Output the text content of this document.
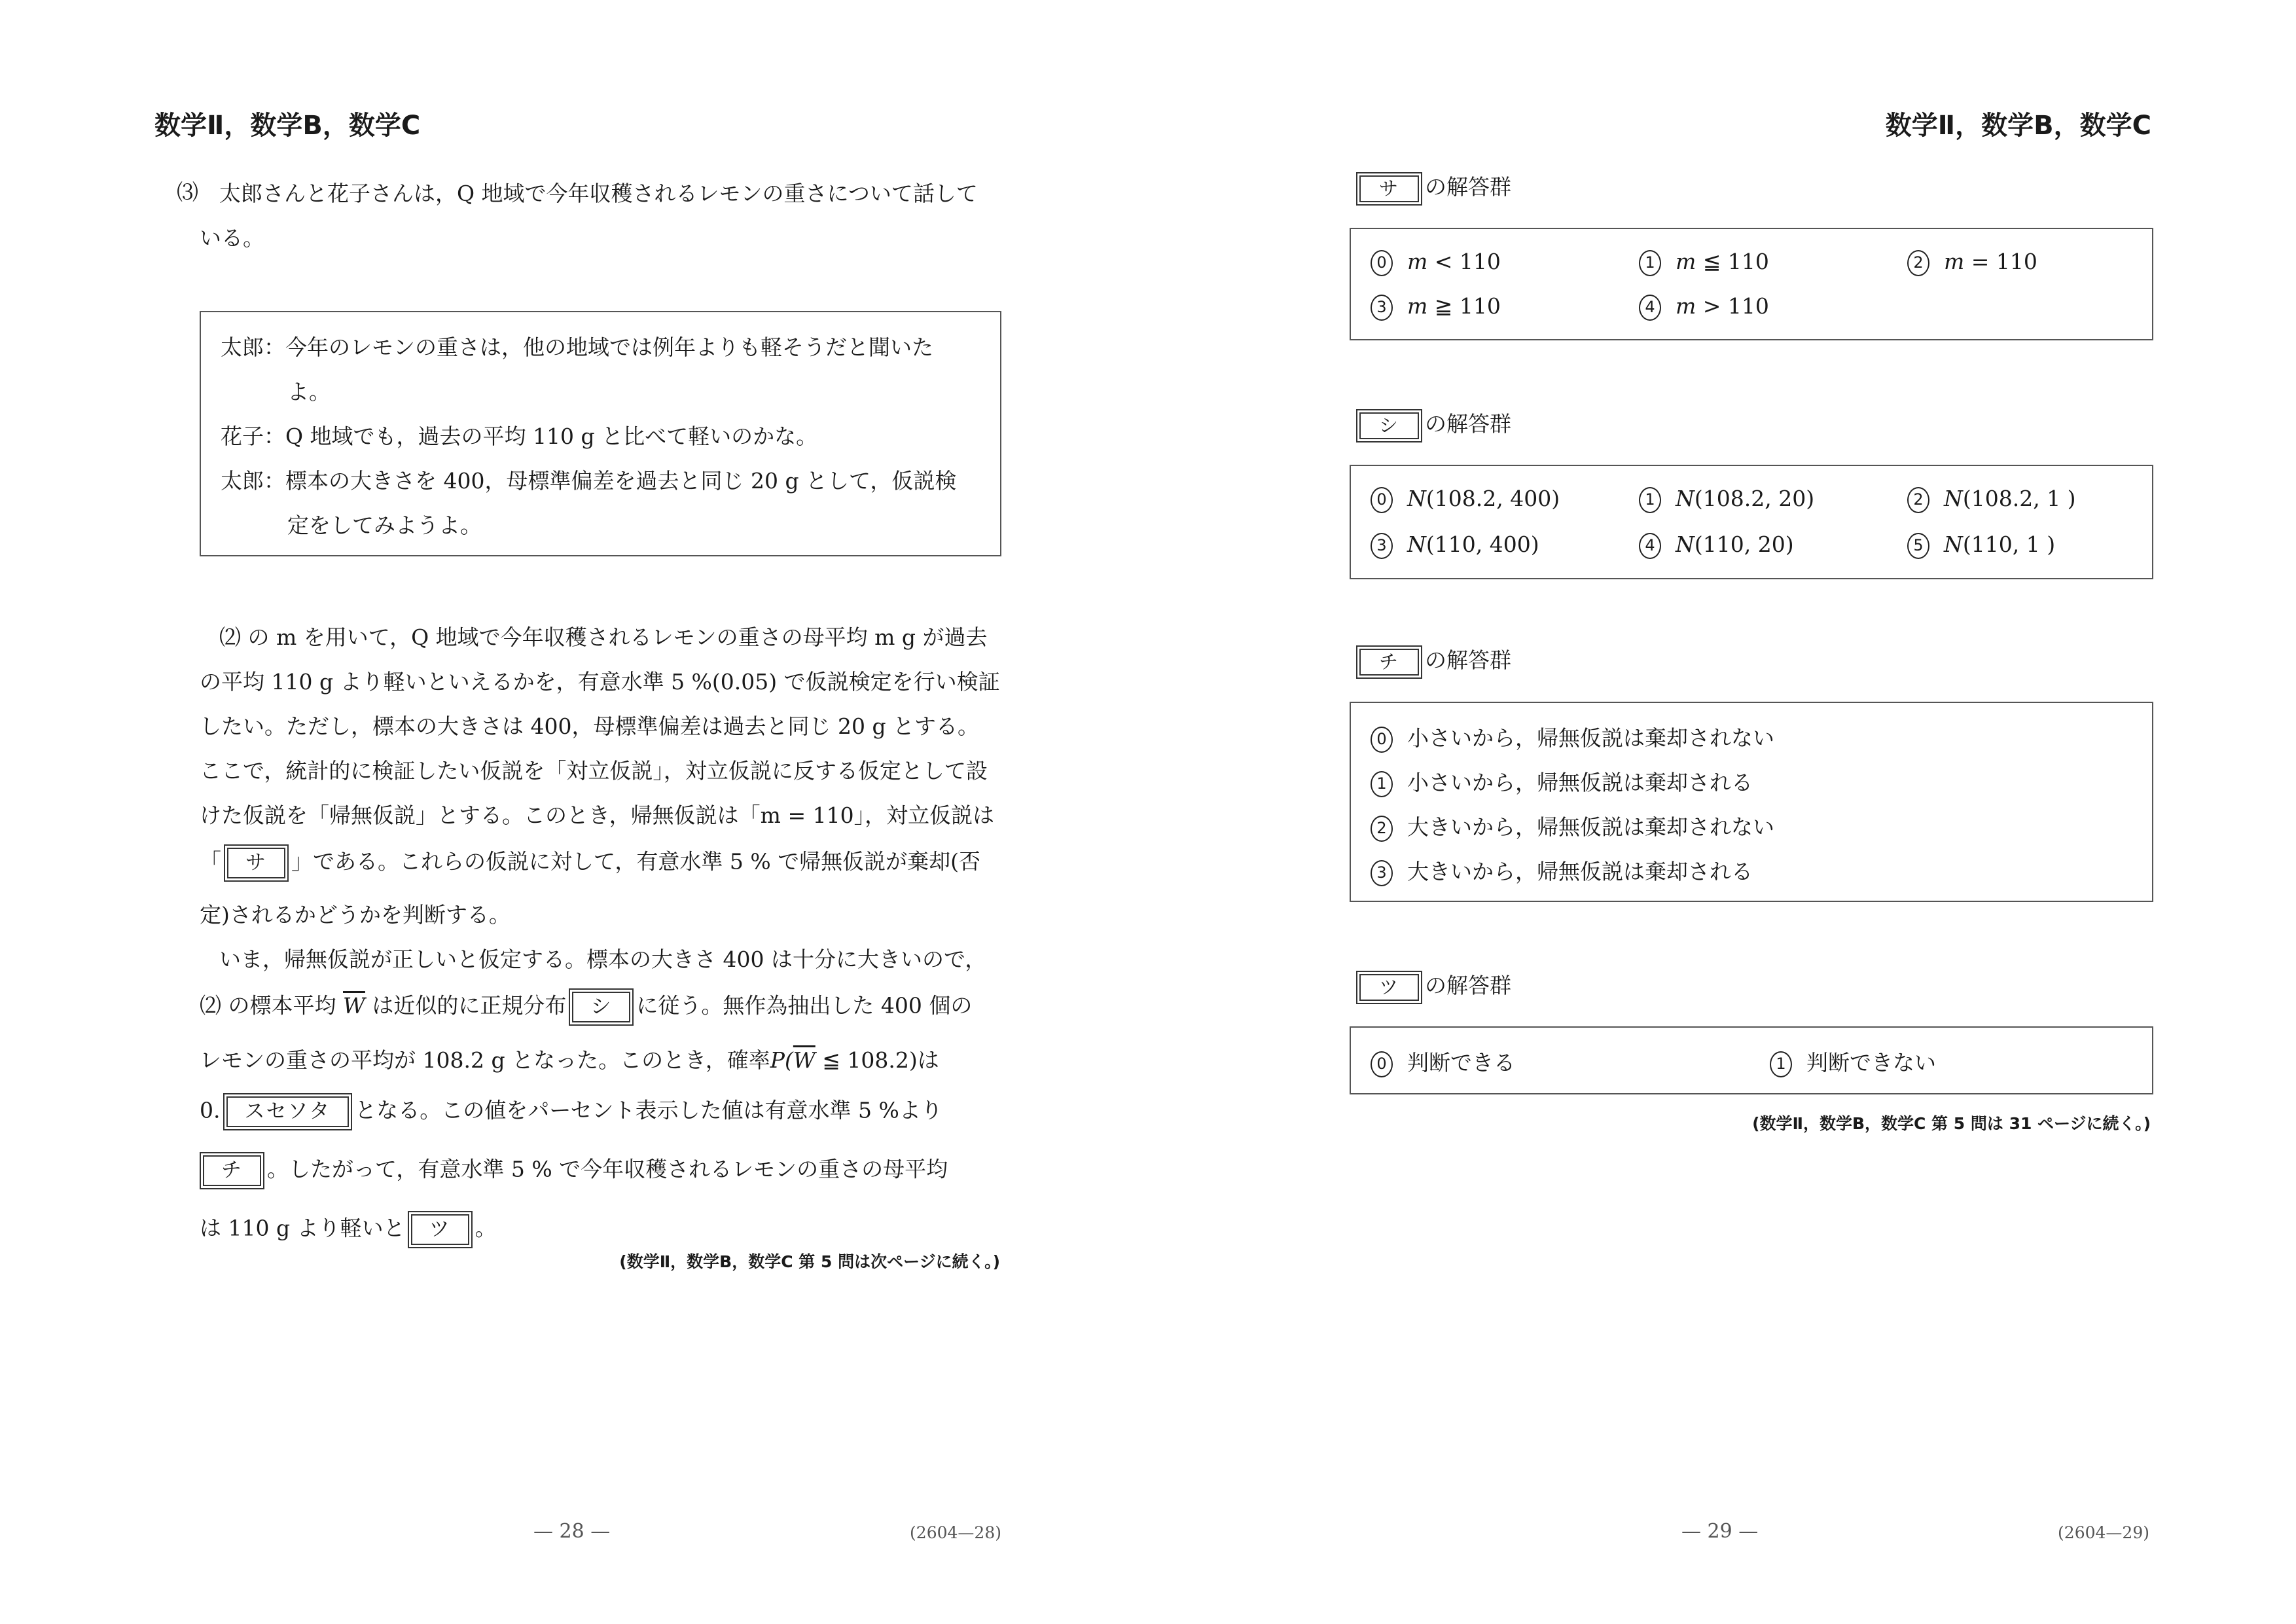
数学Ⅱ，数学B，数学C
⑶ 太郎さんと花子さんは，Q 地域で今年収穫されるレモンの重さについて話して
いる。
太郎：今年のレモンの重さは，他の地域では例年よりも軽そうだと聞いた
よ。
花子：Q 地域でも，過去の平均 110 g と比べて軽いのかな。
太郎：標本の大きさを 400，母標準偏差を過去と同じ 20 g として，仮説検
定をしてみようよ。
⑵ の m を用いて，Q 地域で今年収穫されるレモンの重さの母平均 m g が過去
の平均 110 g より軽いといえるかを，有意水準 5 %(0.05) で仮説検定を行い検証
したい。ただし，標本の大きさは 400，母標準偏差は過去と同じ 20 g とする。
ここで，統計的に検証したい仮説を「対立仮説」，対立仮説に反する仮定として設
けた仮説を「帰無仮説」とする。このとき，帰無仮説は「m = 110」，対立仮説は
「	サ	」である。これらの仮説に対して，有意水準 5 % で帰無仮説が棄却(否
定)されるかどうかを判断する。
いま，帰無仮説が正しいと仮定する。標本の大きさ 400 は十分に大きいので，
⑵ の標本平均 $\overline{W}$ は近似的に正規分布	シ	に従う。無作為抽出した 400 個の
レモンの重さの平均が 108.2 g となった。このとき，確率$P(\overline{W}$ ≦ 108.2)は
0.	スセソタ	となる。この値をパーセント表示した値は有意水準 5 %より
チ	。したがって，有意水準 5 % で今年収穫されるレモンの重さの母平均
は 110 g より軽いと	ツ	。
(数学Ⅱ，数学B，数学C 第 5 問は次ページに続く。)
— 28 —	(2604—28)
数学Ⅱ，数学B，数学C
サ	の解答群
0 m < 110	1 m ≦ 110	2 m = 110
3 m ≧ 110	4 m > 110
シ	の解答群
0 N(108.2, 400)	1 N(108.2, 20)	2 N(108.2, 1 )
3 N(110, 400)	4 N(110, 20)	5 N(110, 1 )
チ	の解答群
0 小さいから，帰無仮説は棄却されない
1 小さいから，帰無仮説は棄却される
2 大きいから，帰無仮説は棄却されない
3 大きいから，帰無仮説は棄却される
ツ	の解答群
0 判断できる	1 判断できない
(数学Ⅱ，数学B，数学C 第 5 問は 31 ページに続く。)
— 29 —	(2604—29)
